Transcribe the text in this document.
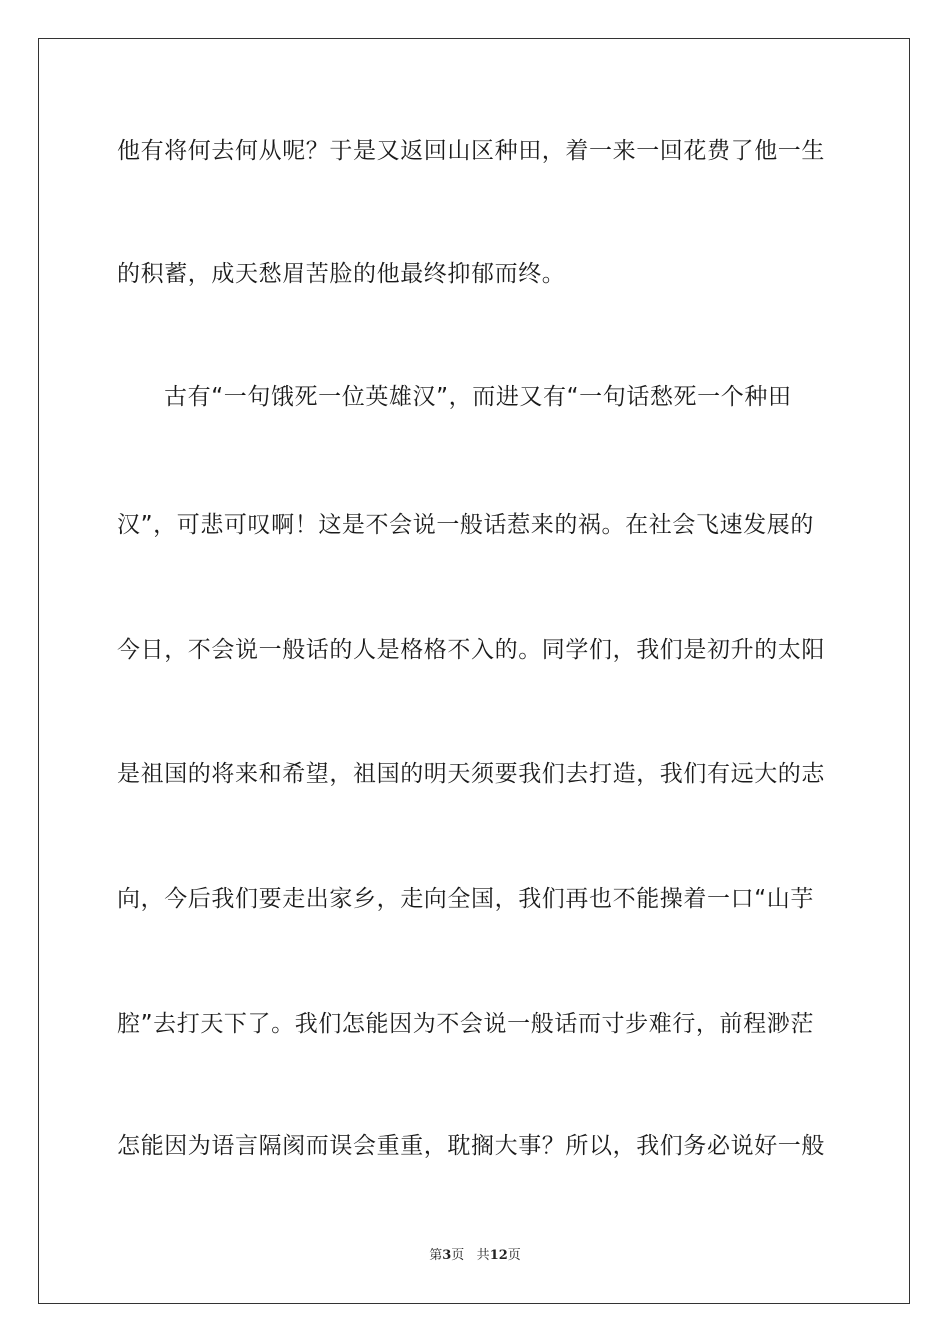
他有将何去何从呢？于是又返回山区种田，着一来一回花费了他一生
的积蓄，成天愁眉苦脸的他最终抑郁而终。
古有“一句饿死一位英雄汉”，而进又有“一句话愁死一个种田
汉”，可悲可叹啊！这是不会说一般话惹来的祸。在社会飞速发展的
今日，不会说一般话的人是格格不入的。同学们，我们是初升的太阳
是祖国的将来和希望，祖国的明天须要我们去打造，我们有远大的志
向，今后我们要走出家乡，走向全国，我们再也不能操着一口“山芋
腔”去打天下了。我们怎能因为不会说一般话而寸步难行，前程渺茫
怎能因为语言隔阂而误会重重，耽搁大事？所以，我们务必说好一般
第3页 共12页
